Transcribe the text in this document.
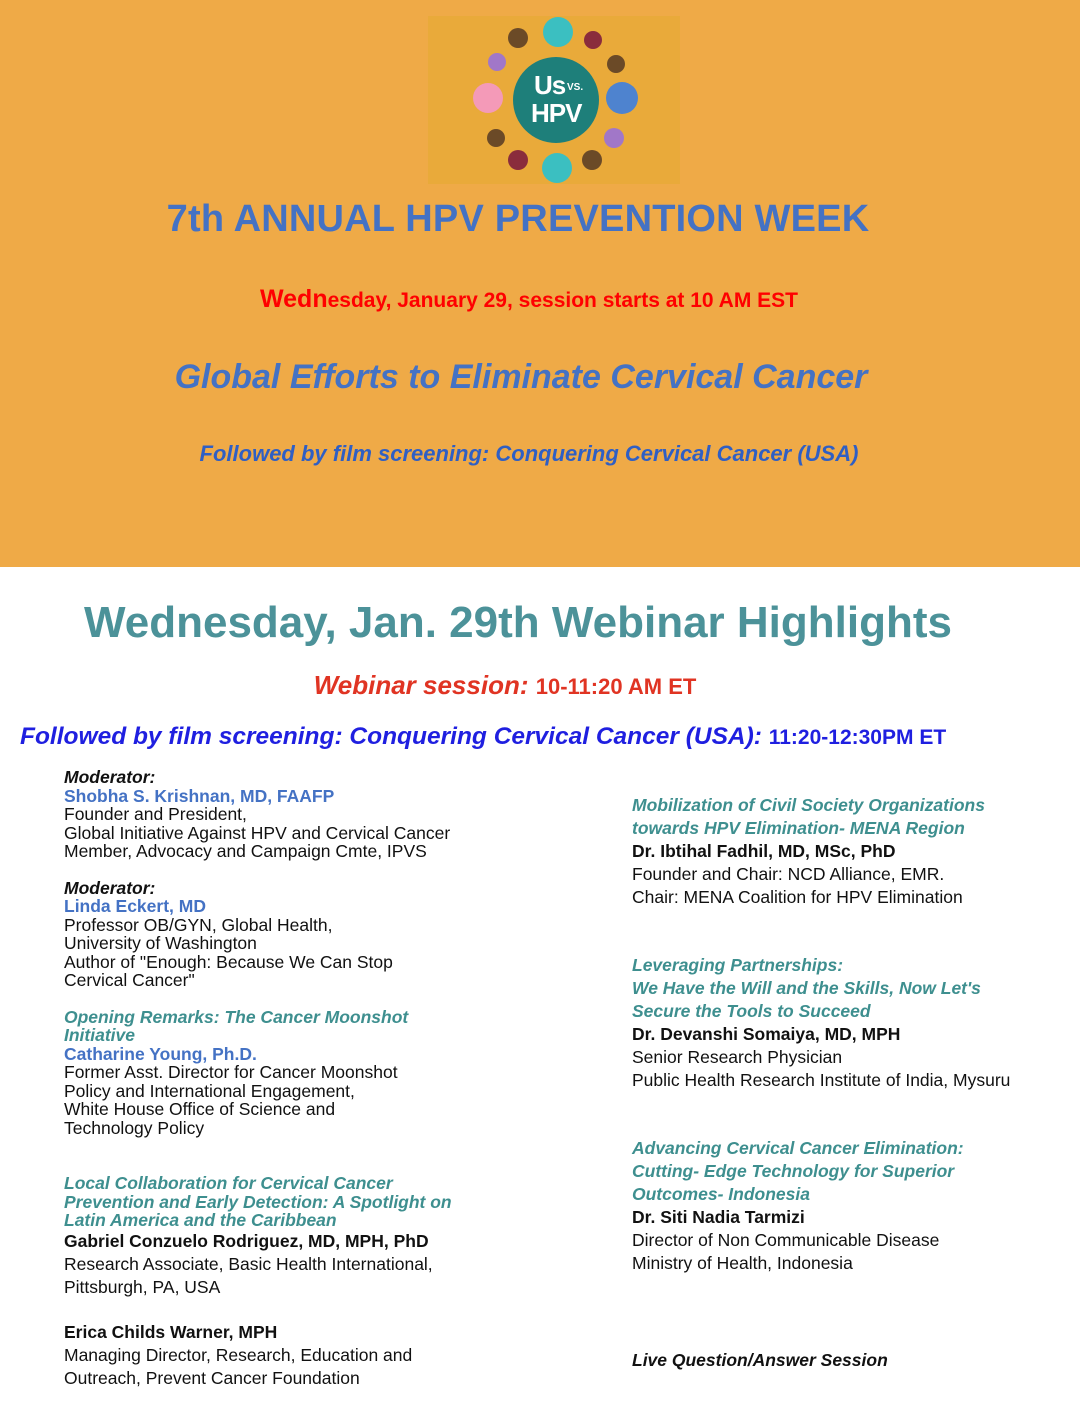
Us VS.
HPV
7th ANNUAL HPV PREVENTION WEEK
Wednesday, January 29, session starts at 10 AM EST
Global Efforts to Eliminate Cervical Cancer
Followed by film screening: Conquering Cervical Cancer (USA)
Wednesday, Jan. 29th Webinar Highlights
Webinar session: 10-11:20 AM ET
Followed by film screening: Conquering Cervical Cancer (USA): 11:20-12:30PM ET
Moderator:
Shobha S. Krishnan, MD, FAAFP
Founder and President,
Global Initiative Against HPV and Cervical Cancer
Member, Advocacy and Campaign Cmte, IPVS
Moderator:
Linda Eckert, MD
Professor OB/GYN, Global Health,
University of Washington
Author of "Enough: Because We Can Stop
Cervical Cancer"
Opening Remarks: The Cancer Moonshot
Initiative
Catharine Young, Ph.D.
Former Asst. Director for Cancer Moonshot
Policy and International Engagement,
White House Office of Science and
Technology Policy
Local Collaboration for Cervical Cancer
Prevention and Early Detection: A Spotlight on
Latin America and the Caribbean
Gabriel Conzuelo Rodriguez, MD, MPH, PhD
Research Associate, Basic Health International,
Pittsburgh, PA, USA
Erica Childs Warner, MPH
Managing Director, Research, Education and
Outreach, Prevent Cancer Foundation
Mobilization of Civil Society Organizations
towards HPV Elimination- MENA Region
Dr. Ibtihal Fadhil, MD, MSc, PhD
Founder and Chair: NCD Alliance, EMR.
Chair: MENA Coalition for HPV Elimination
Leveraging Partnerships:
We Have the Will and the Skills, Now Let's
Secure the Tools to Succeed
Dr. Devanshi Somaiya, MD, MPH
Senior Research Physician
Public Health Research Institute of India, Mysuru
Advancing Cervical Cancer Elimination:
Cutting- Edge Technology for Superior
Outcomes- Indonesia
Dr. Siti Nadia Tarmizi
Director of Non Communicable Disease
Ministry of Health, Indonesia
Live Question/Answer Session
